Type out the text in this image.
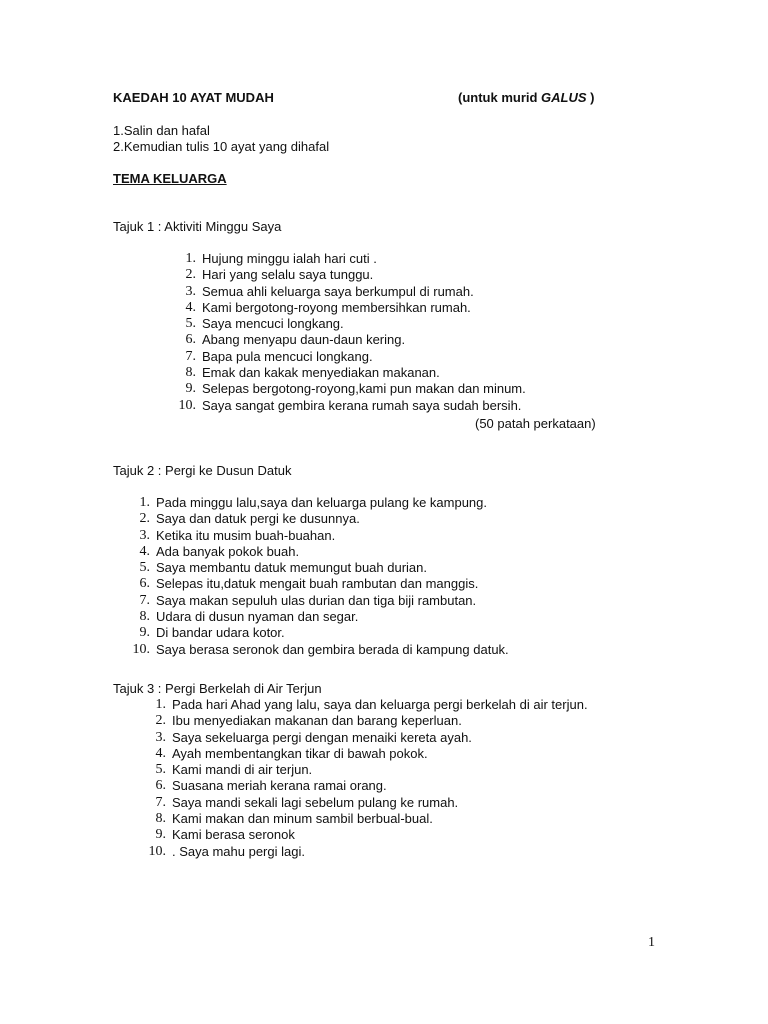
KAEDAH 10 AYAT MUDAH	(untuk murid GALUS )
1.Salin dan hafal
2.Kemudian tulis 10 ayat yang dihafal
TEMA KELUARGA
Tajuk 1 : Aktiviti Minggu Saya
1. Hujung minggu ialah hari cuti .
2. Hari yang selalu saya tunggu.
3. Semua ahli keluarga saya berkumpul di rumah.
4. Kami bergotong-royong membersihkan rumah.
5. Saya mencuci longkang.
6. Abang menyapu daun-daun kering.
7. Bapa pula mencuci longkang.
8. Emak dan kakak menyediakan makanan.
9. Selepas bergotong-royong,kami pun makan dan minum.
10. Saya sangat gembira kerana rumah saya sudah bersih.
(50 patah perkataan)
Tajuk 2 : Pergi ke Dusun Datuk
1. Pada minggu lalu,saya dan keluarga pulang ke kampung.
2. Saya dan datuk pergi ke dusunnya.
3. Ketika itu musim buah-buahan.
4. Ada banyak pokok buah.
5. Saya membantu datuk memungut buah durian.
6. Selepas itu,datuk mengait buah rambutan dan manggis.
7. Saya makan sepuluh ulas durian dan tiga biji rambutan.
8. Udara di dusun nyaman dan segar.
9. Di bandar udara kotor.
10. Saya berasa seronok dan gembira berada di kampung datuk.
Tajuk 3 : Pergi Berkelah di Air Terjun
1. Pada hari Ahad yang lalu, saya dan keluarga pergi berkelah di air terjun.
2. Ibu menyediakan makanan dan barang keperluan.
3. Saya sekeluarga pergi dengan menaiki kereta ayah.
4. Ayah membentangkan tikar di bawah pokok.
5. Kami mandi di air terjun.
6. Suasana meriah kerana ramai orang.
7. Saya mandi sekali lagi sebelum pulang ke rumah.
8. Kami makan dan minum sambil berbual-bual.
9. Kami berasa seronok
10. . Saya mahu pergi lagi.
1
